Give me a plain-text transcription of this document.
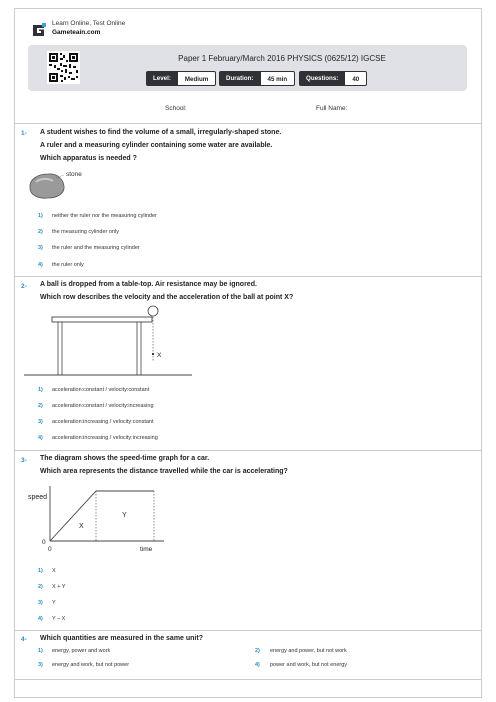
Learn Online, Test Online
Gameteain.com
Paper 1 February/March 2016 PHYSICS (0625/12) IGCSE
Level:	Medium	Duration:	45 min	Questions:	40
School:	Full Name:
1- A student wishes to find the volume of a small, irregularly-shaped stone.
A ruler and a measuring cylinder containing some water are available.
Which apparatus is needed ?
stone
1) neither the ruler nor the measuring cylinder
2) the measuring cylinder only
3) the ruler and the measuring cylinder
4) the ruler only
2- A ball is dropped from a table-top. Air resistance may be ignored.
Which row describes the velocity and the acceleration of the ball at point X?
X
1) acceleration:constant / velocity:constant
2) acceleration:constant / velocity:increasing
3) acceleration:increasing / velocity:constant
4) acceleration:increasing / velocity:increasing
3- The diagram shows the speed-time graph for a car.
Which area represents the distance travelled while the car is accelerating?
speed
time
0
0
X
Y
1) X
2) X + Y
3) Y
4) Y – X
4- Which quantities are measured in the same unit?
1) energy, power and work	2) energy and power, but not work
3) energy and work, but not power	4) power and work, but not energy
